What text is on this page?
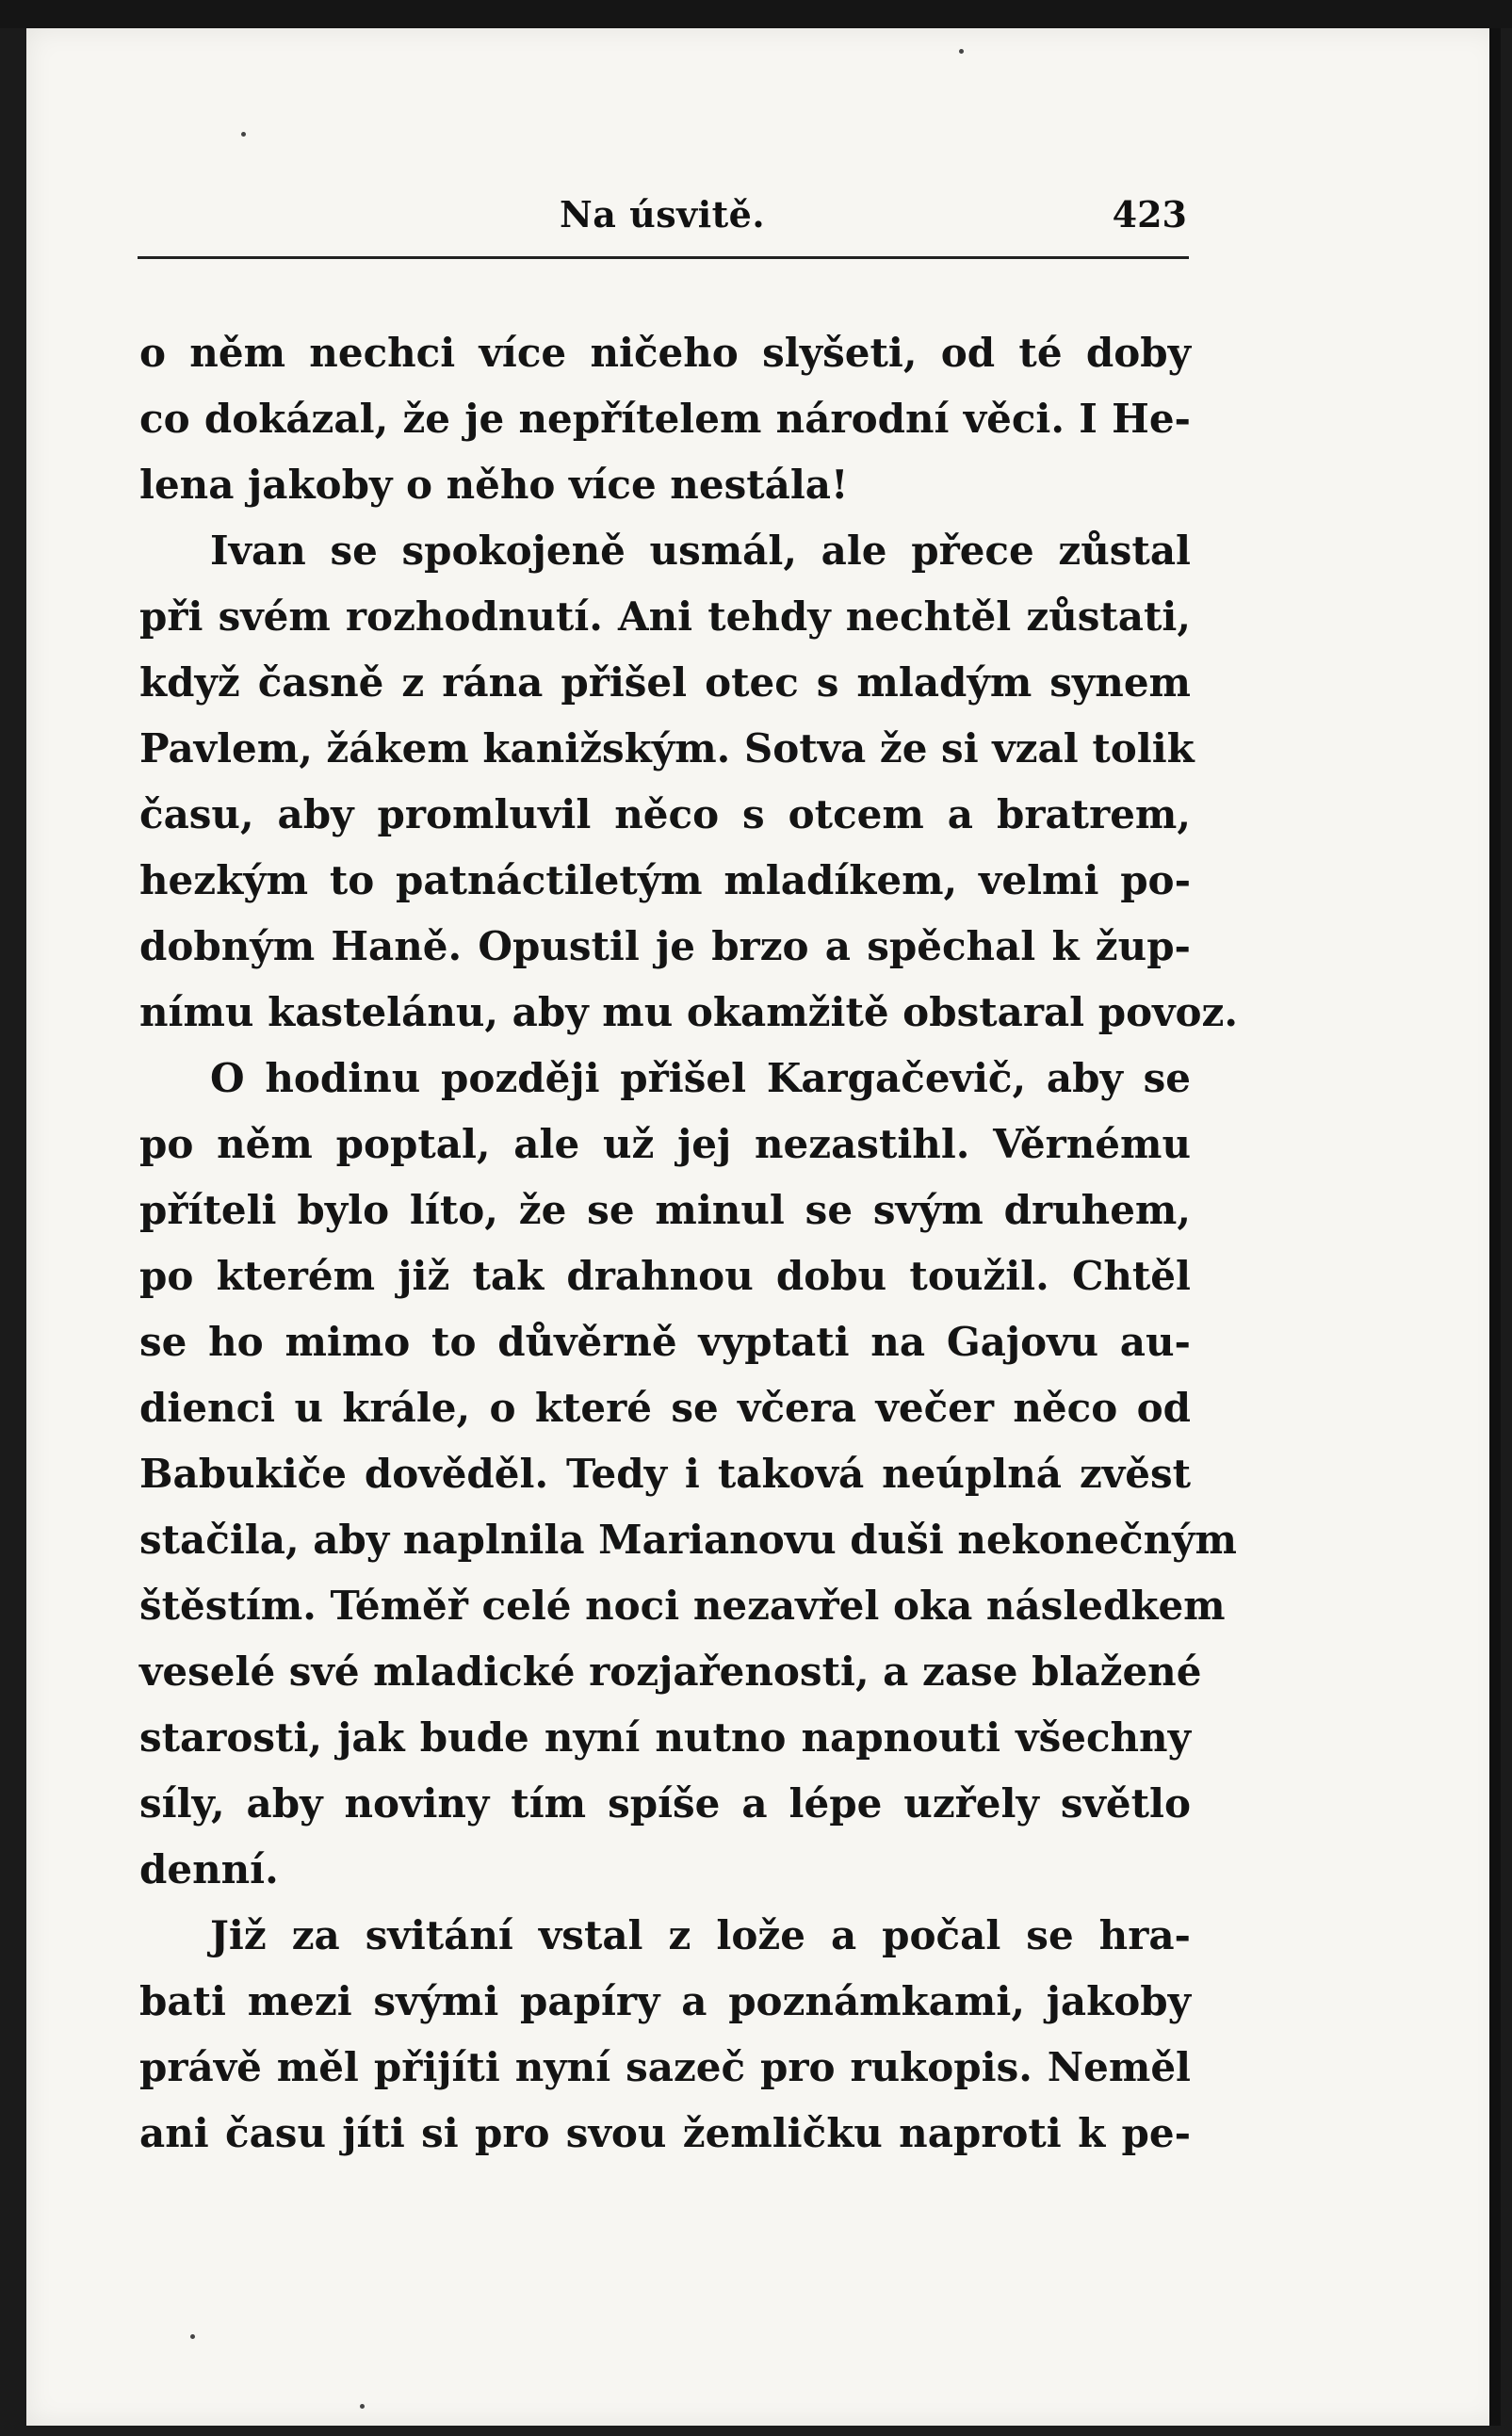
Na úsvitě.	423
o něm nechci více ničeho slyšeti, od té doby
co dokázal, že je nepřítelem národní věci. I He-
lena jakoby o něho více nestála!
Ivan se spokojeně usmál, ale přece zůstal
při svém rozhodnutí. Ani tehdy nechtěl zůstati,
když časně z rána přišel otec s mladým synem
Pavlem, žákem kanižským. Sotva že si vzal tolik
času, aby promluvil něco s otcem a bratrem,
hezkým to patnáctiletým mladíkem, velmi po-
dobným Haně. Opustil je brzo a spěchal k žup-
nímu kastelánu, aby mu okamžitě obstaral povoz.
O hodinu později přišel Kargačevič, aby se
po něm poptal, ale už jej nezastihl. Věrnému
příteli bylo líto, že se minul se svým druhem,
po kterém již tak drahnou dobu toužil. Chtěl
se ho mimo to důvěrně vyptati na Gajovu au-
dienci u krále, o které se včera večer něco od
Babukiče dověděl. Tedy i taková neúplná zvěst
stačila, aby naplnila Marianovu duši nekonečným
štěstím. Téměř celé noci nezavřel oka následkem
veselé své mladické rozjařenosti, a zase blažené
starosti, jak bude nyní nutno napnouti všechny
síly, aby noviny tím spíše a lépe uzřely světlo
denní.
Již za svitání vstal z lože a počal se hra-
bati mezi svými papíry a poznámkami, jakoby
právě měl přijíti nyní sazeč pro rukopis. Neměl
ani času jíti si pro svou žemličku naproti k pe-
